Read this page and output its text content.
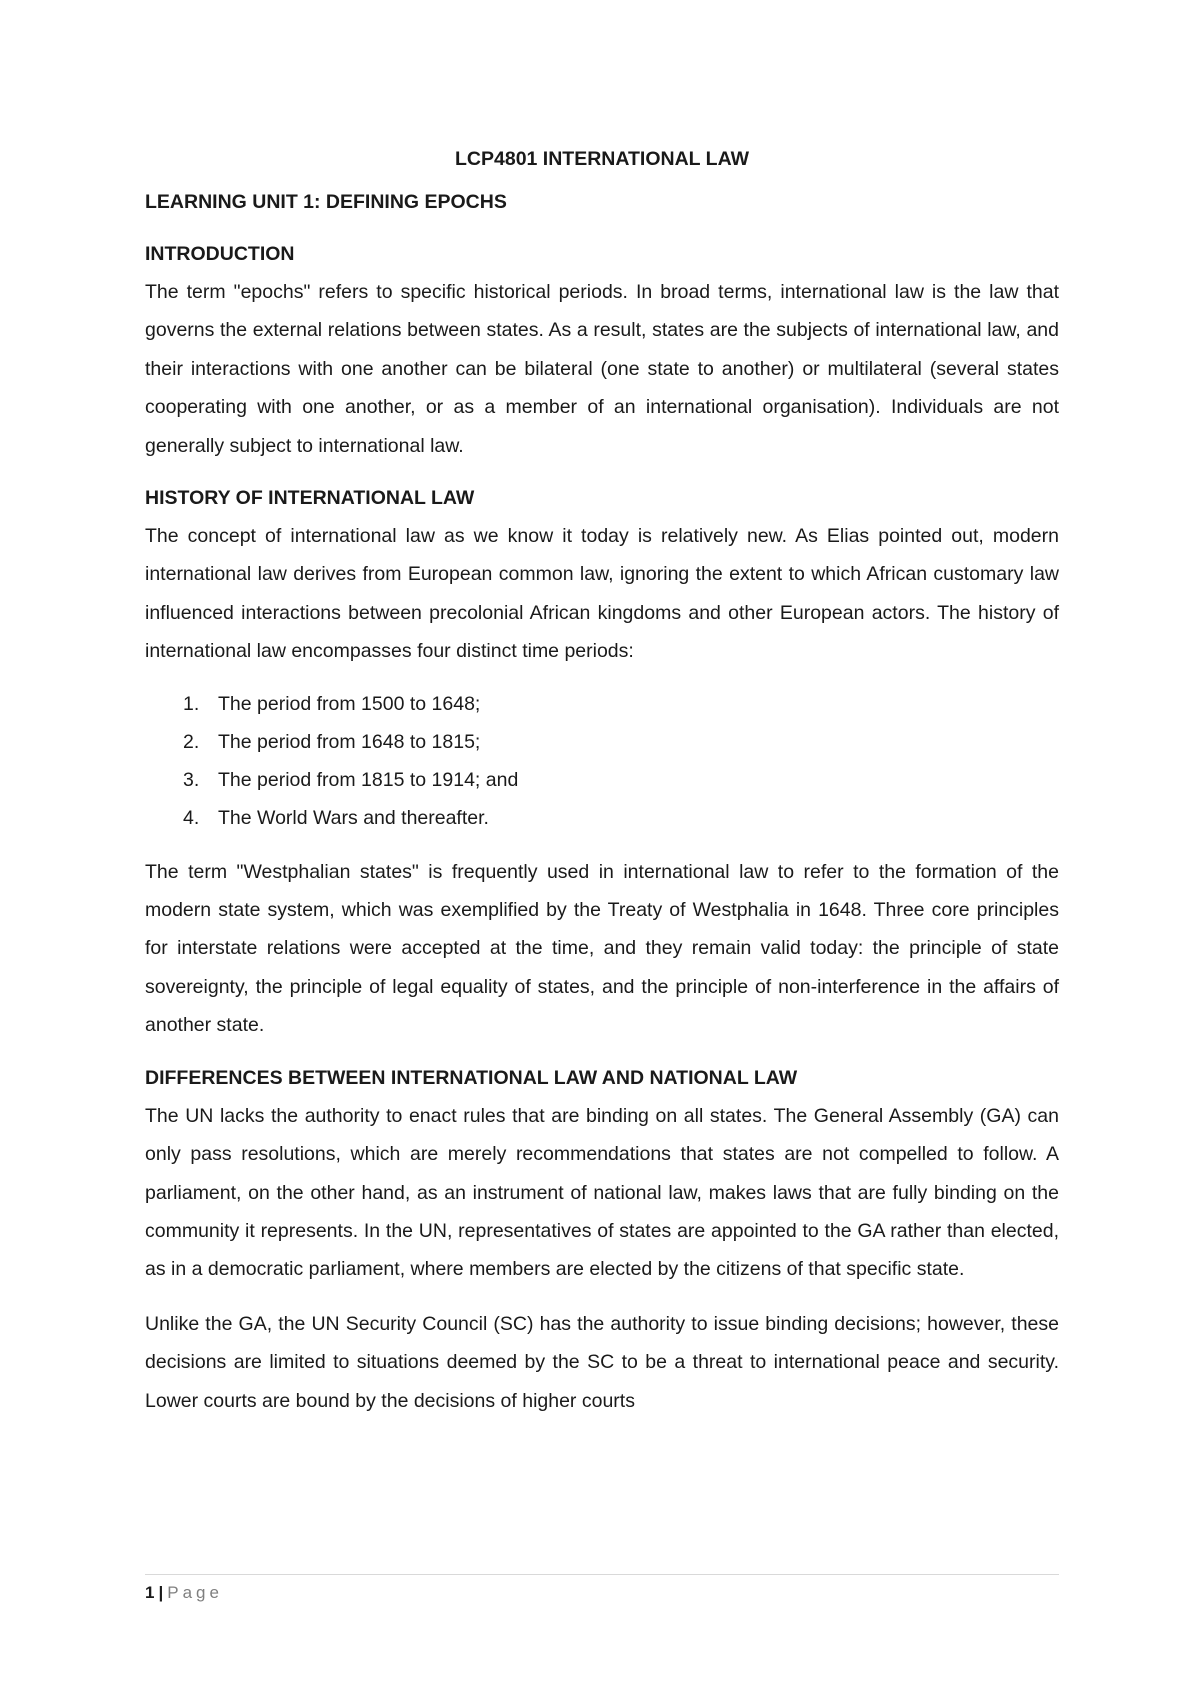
LCP4801 INTERNATIONAL LAW
LEARNING UNIT 1: DEFINING EPOCHS
INTRODUCTION

The term "epochs" refers to specific historical periods. In broad terms, international law is the law that governs the external relations between states. As a result, states are the subjects of international law, and their interactions with one another can be bilateral (one state to another) or multilateral (several states cooperating with one another, or as a member of an international organisation). Individuals are not generally subject to international law.

HISTORY OF INTERNATIONAL LAW

The concept of international law as we know it today is relatively new. As Elias pointed out, modern international law derives from European common law, ignoring the extent to which African customary law influenced interactions between precolonial African kingdoms and other European actors. The history of international law encompasses four distinct time periods:

1. The period from 1500 to 1648;
2. The period from 1648 to 1815;
3. The period from 1815 to 1914; and
4. The World Wars and thereafter.

The term "Westphalian states" is frequently used in international law to refer to the formation of the modern state system, which was exemplified by the Treaty of Westphalia in 1648. Three core principles for interstate relations were accepted at the time, and they remain valid today: the principle of state sovereignty, the principle of legal equality of states, and the principle of non-interference in the affairs of another state.

DIFFERENCES BETWEEN INTERNATIONAL LAW AND NATIONAL LAW

The UN lacks the authority to enact rules that are binding on all states. The General Assembly (GA) can only pass resolutions, which are merely recommendations that states are not compelled to follow. A parliament, on the other hand, as an instrument of national law, makes laws that are fully binding on the community it represents. In the UN, representatives of states are appointed to the GA rather than elected, as in a democratic parliament, where members are elected by the citizens of that specific state.

Unlike the GA, the UN Security Council (SC) has the authority to issue binding decisions; however, these decisions are limited to situations deemed by the SC to be a threat to international peace and security. Lower courts are bound by the decisions of higher courts

1 | Page
